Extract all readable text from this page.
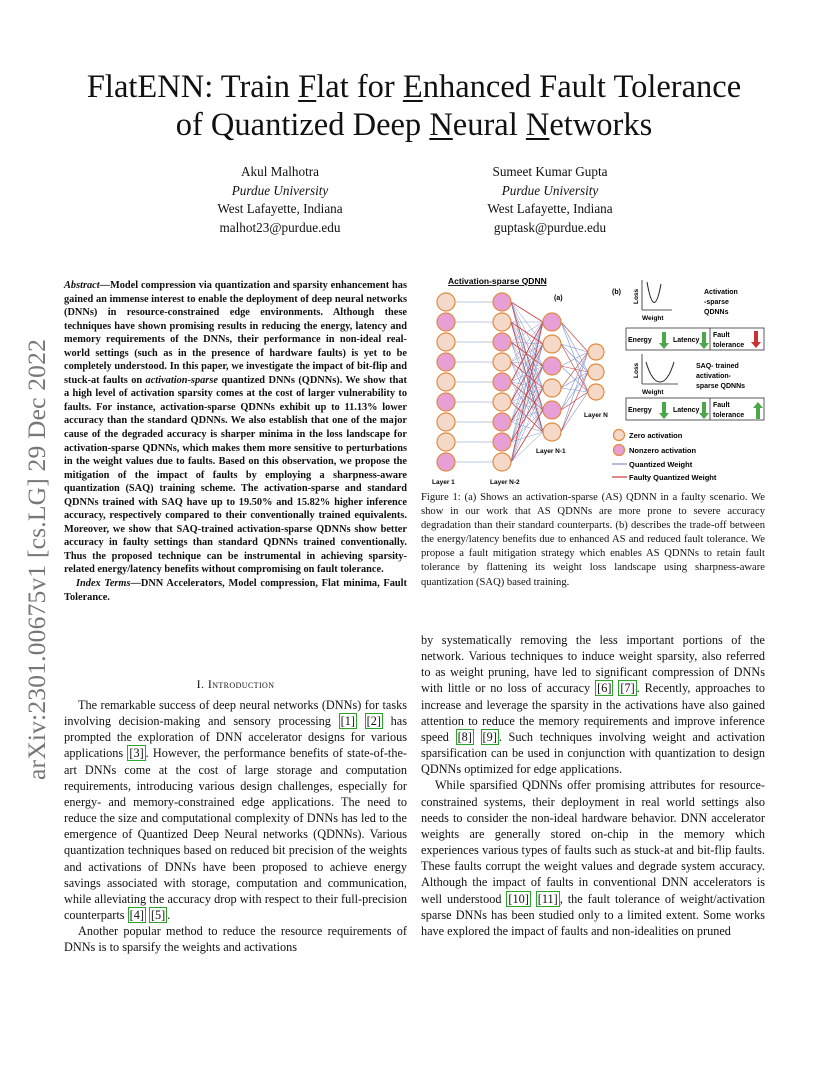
arXiv:2301.00675v1 [cs.LG] 29 Dec 2022
FlatENN: Train Flat for Enhanced Fault Tolerance
of Quantized Deep Neural Networks
Akul Malhotra
Purdue University
West Lafayette, Indiana
malhot23@purdue.edu
Sumeet Kumar Gupta
Purdue University
West Lafayette, Indiana
guptask@purdue.edu

Abstract—Model compression via quantization and sparsity enhancement has gained an immense interest to enable the deployment of deep neural networks (DNNs) in resource-constrained edge environments. Although these techniques have shown promising results in reducing the energy, latency and memory requirements of the DNNs, their performance in non-ideal real-world settings (such as in the presence of hardware faults) is yet to be completely understood. In this paper, we investigate the impact of bit-flip and stuck-at faults on activation-sparse quantized DNNs (QDNNs). We show that a high level of activation sparsity comes at the cost of larger vulnerability to faults. For instance, activation-sparse QDNNs exhibit up to 11.13% lower accuracy than the standard QDNNs. We also establish that one of the major cause of the degraded accuracy is sharper minima in the loss landscape for activation-sparse QDNNs, which makes them more sensitive to perturbations in the weight values due to faults. Based on this observation, we propose the mitigation of the impact of faults by employing a sharpness-aware quantization (SAQ) training scheme. The activation-sparse and standard QDNNs trained with SAQ have up to 19.50% and 15.82% higher inference accuracy, respectively compared to their conventionally trained equivalents. Moreover, we show that SAQ-trained activation-sparse QDNNs show better accuracy in faulty settings than standard QDNNs trained conventionally. Thus the proposed technique can be instrumental in achieving sparsity-related energy/latency benefits without compromising on fault tolerance.

Index Terms—DNN Accelerators, Model compression, Flat minima, Fault Tolerance.

I. Introduction

The remarkable success of deep neural networks (DNNs) for tasks involving decision-making and sensory processing [1] [2] has prompted the exploration of DNN accelerator designs for various applications [3] . However, the performance benefits of state-of-the-art DNNs come at the cost of large storage and computation requirements, introducing various design challenges, especially for energy- and memory-constrained edge applications. The need to reduce the size and computational complexity of DNNs has led to the emergence of Quantized Deep Neural networks (QDNNs). Various quantization techniques based on reduced bit precision of the weights and activations of DNNs have been proposed to achieve energy savings associated with storage, computation and communication, while alleviating the accuracy drop with respect to their full-precision counterparts [4] [5] .

Another popular method to reduce the resource requirements of DNNs is to sparsify the weights and activations

by systematically removing the less important portions of the network. Various techniques to induce weight sparsity, also referred to as weight pruning, have led to significant compression of DNNs with little or no loss of accuracy [6] [7] . Recently, approaches to increase and leverage the sparsity in the activations have also gained attention to reduce the memory requirements and improve inference speed [8] [9] . Such techniques involving weight and activation sparsification can be used in conjunction with quantization to design QDNNs optimized for edge applications.

While sparsified QDNNs offer promising attributes for resource-constrained systems, their deployment in real world settings also needs to consider the non-ideal hardware behavior. DNN accelerator weights are generally stored on-chip in the memory which experiences various types of faults such as stuck-at and bit-flip faults. These faults corrupt the weight values and degrade system accuracy. Although the impact of faults in conventional DNN accelerators is well understood [10] [11] , the fault tolerance of weight/activation sparse DNNs has been studied only to a limited extent. Some works have explored the impact of faults and non-idealities on pruned

Activation-sparse QDNN
(a)
(b)
Layer 1	Layer N-2
Layer N-1
Layer N
Loss
Weight
Activation
-sparse
QDNNs
Energy	Latency
Fault
tolerance
Loss
Weight
SAQ- trained
activation-
sparse QDNNs
Energy	Latency
Fault
tolerance
Zero activation
Nonzero activation
Quantized Weight
Faulty Quantized Weight
Figure 1: (a) Shows an activation-sparse (AS) QDNN in a faulty scenario. We show in our work that AS QDNNs are more prone to severe accuracy degradation than their standard counterparts. (b) describes the trade-off between the energy/latency benefits due to enhanced AS and reduced fault tolerance. We propose a fault mitigation strategy which enables AS QDNNs to retain fault tolerance by flattening its weight loss landscape using sharpness-aware quantization (SAQ) based training.
